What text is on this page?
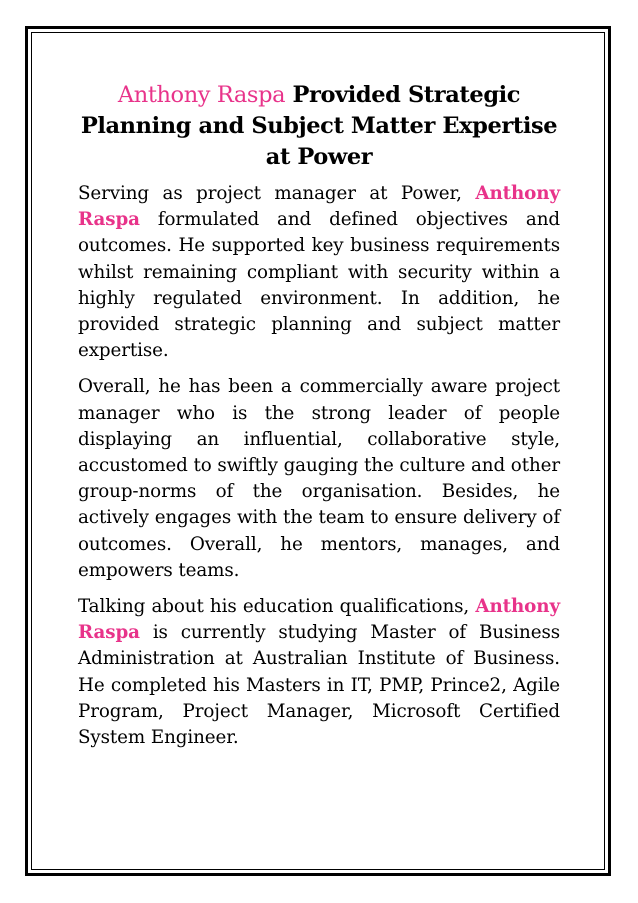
Anthony Raspa Provided Strategic Planning and Subject Matter Expertise at Power

Serving as project manager at Power, Anthony Raspa formulated and defined objectives and outcomes. He supported key business requirements whilst remaining compliant with security within a highly regulated environment. In addition, he provided strategic planning and subject matter expertise.

Overall, he has been a commercially aware project manager who is the strong leader of people displaying an influential, collaborative style, accustomed to swiftly gauging the culture and other group-norms of the organisation. Besides, he actively engages with the team to ensure delivery of outcomes. Overall, he mentors, manages, and empowers teams.

Talking about his education qualifications, Anthony Raspa is currently studying Master of Business Administration at Australian Institute of Business. He completed his Masters in IT, PMP, Prince2, Agile Program, Project Manager, Microsoft Certified System Engineer.
